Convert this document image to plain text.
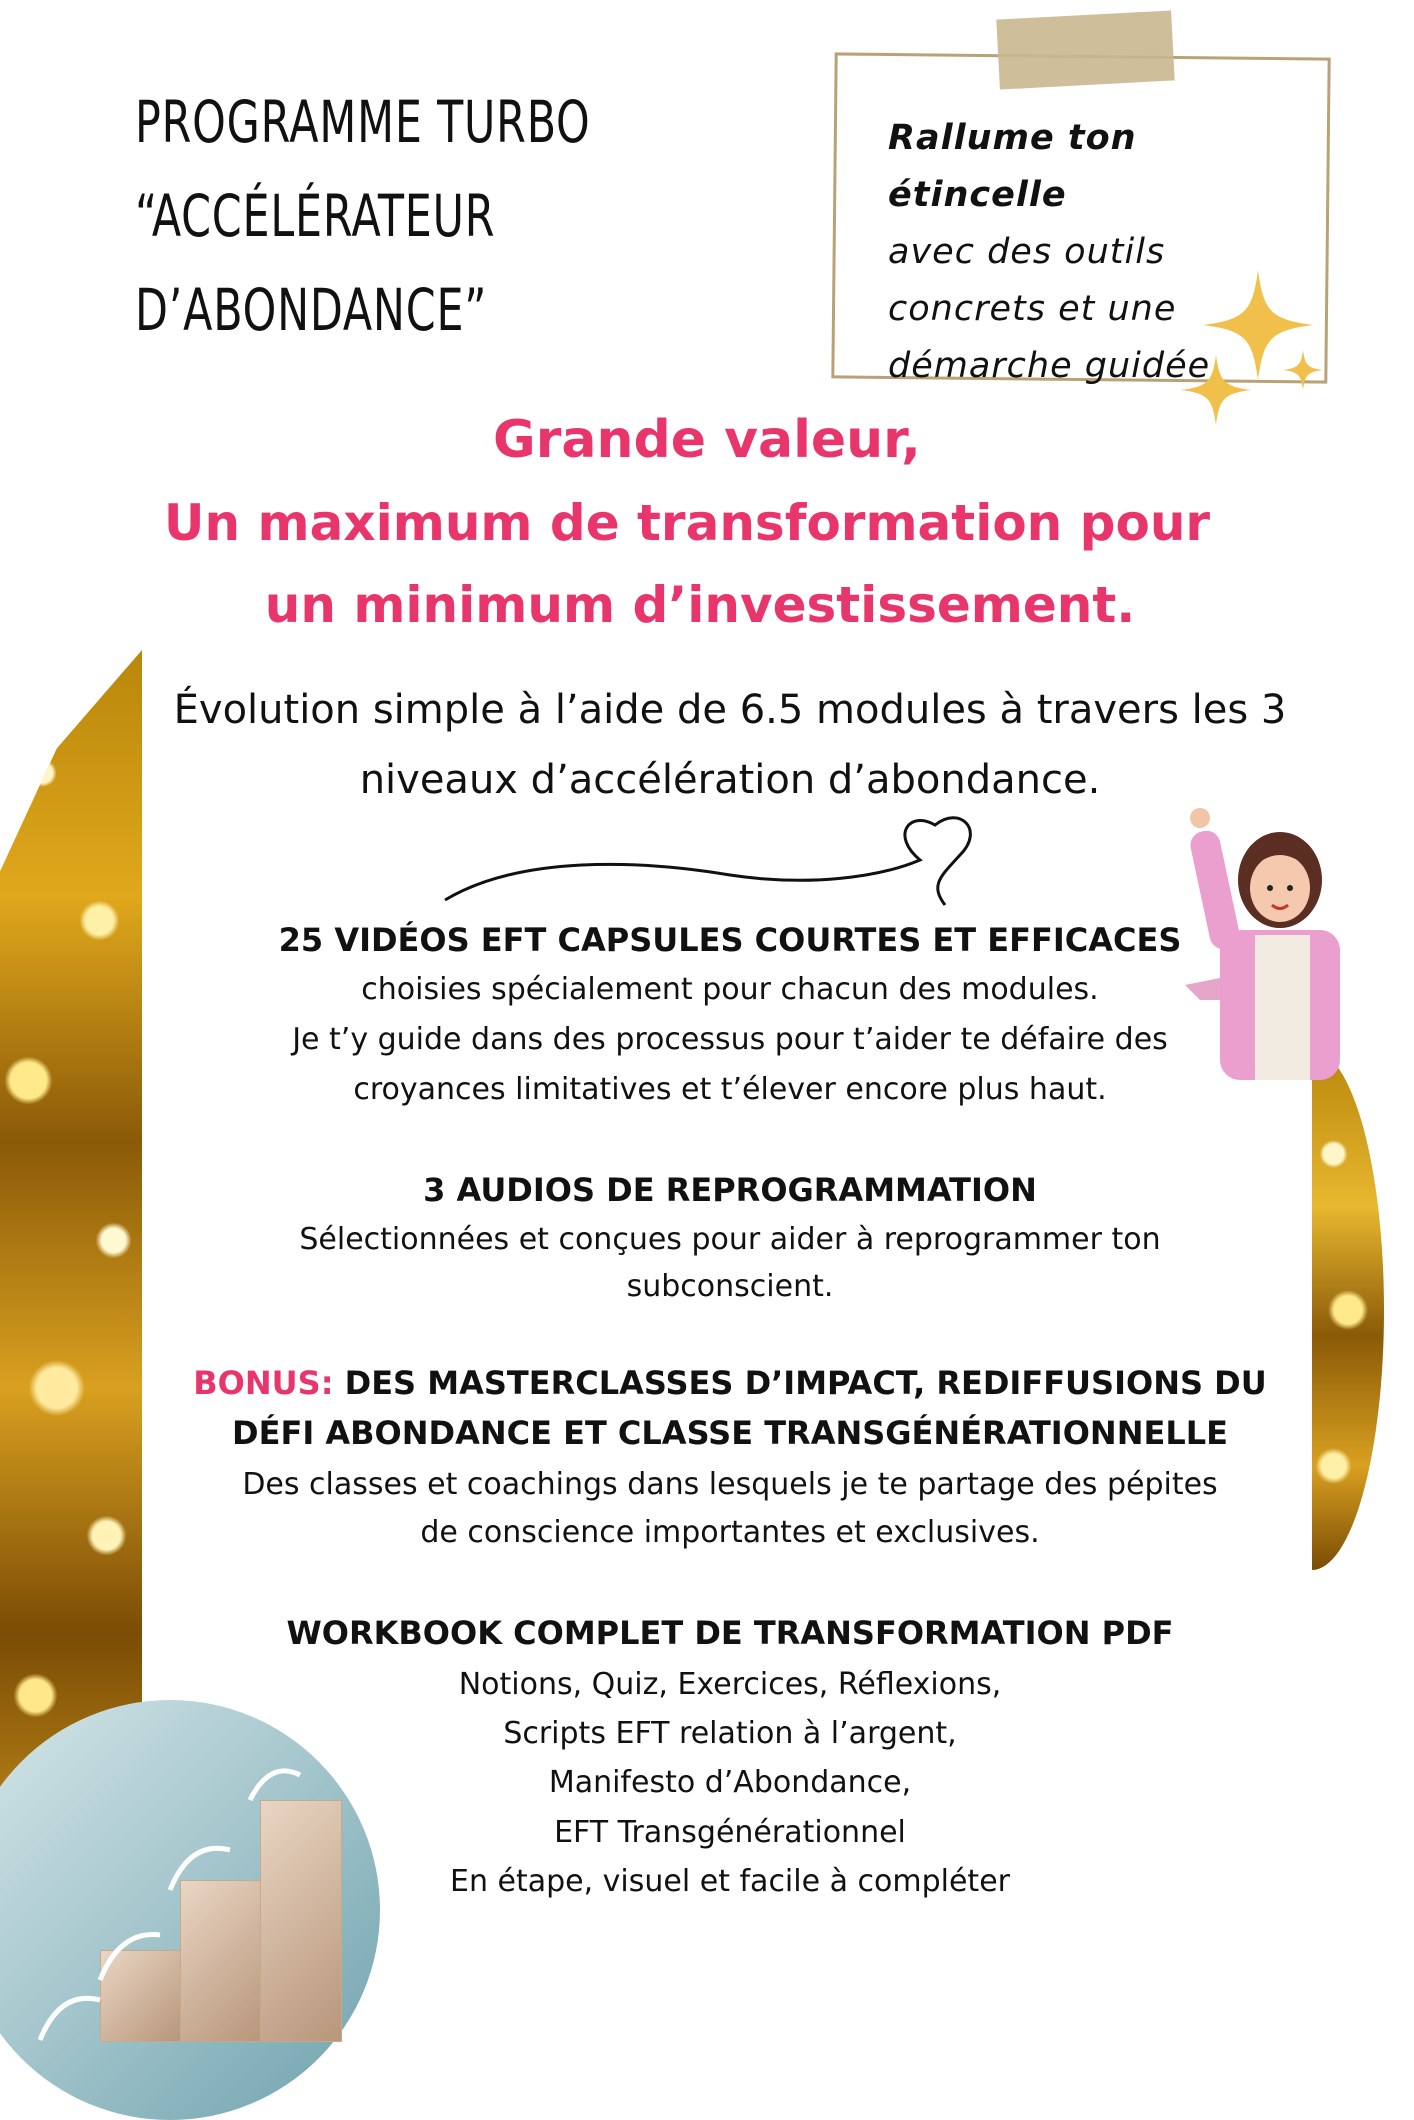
PROGRAMME TURBO
“ACCÉLÉRATEUR
D’ABONDANCE”
Rallume ton étincelle
avec des outils
concrets et une
démarche guidée.
Grande valeur,
Un maximum de transformation pour
un minimum d’investissement.
Évolution simple à l’aide de 6.5 modules à travers les 3
niveaux d’accélération d’abondance.
25 VIDÉOS EFT CAPSULES COURTES ET EFFICACES
choisies spécialement pour chacun des modules.
Je t’y guide dans des processus pour t’aider te défaire des
croyances limitatives et t’élever encore plus haut.
3 AUDIOS DE REPROGRAMMATION
Sélectionnées et conçues pour aider à reprogrammer ton
subconscient.
BONUS: DES MASTERCLASSES D’IMPACT, REDIFFUSIONS DU
DÉFI ABONDANCE ET CLASSE TRANSGÉNÉRATIONNELLE
Des classes et coachings dans lesquels je te partage des pépites
de conscience importantes et exclusives.
WORKBOOK COMPLET DE TRANSFORMATION PDF
Notions, Quiz, Exercices, Réflexions,
Scripts EFT relation à l’argent,
Manifesto d’Abondance,
EFT Transgénérationnel
En étape, visuel et facile à compléter
